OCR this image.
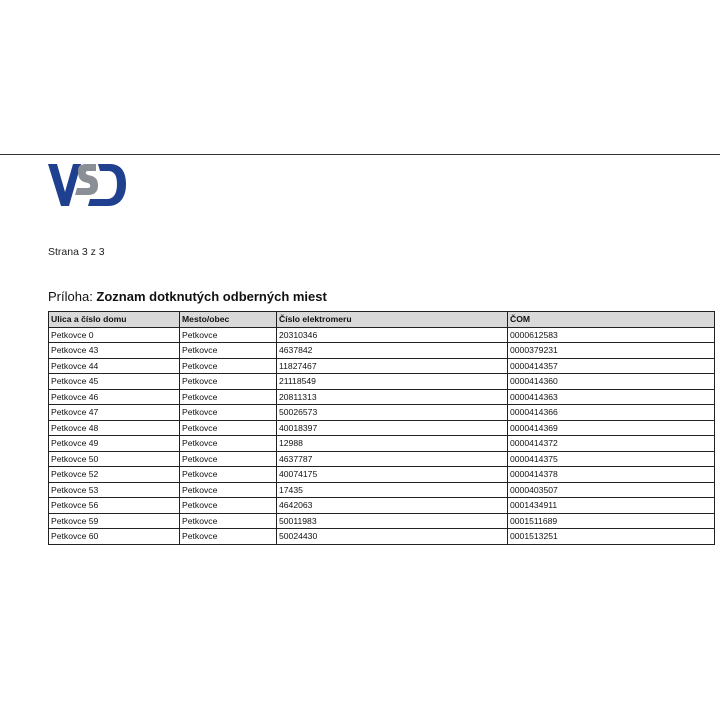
Strana 3 z 3
Príloha: Zoznam dotknutých odberných miest
Ulica a číslo domu	Mesto/obec	Číslo elektromeru	ČOM
Petkovce 0	Petkovce	20310346	0000612583
Petkovce 43	Petkovce	4637842	0000379231
Petkovce 44	Petkovce	11827467	0000414357
Petkovce 45	Petkovce	21118549	0000414360
Petkovce 46	Petkovce	20811313	0000414363
Petkovce 47	Petkovce	50026573	0000414366
Petkovce 48	Petkovce	40018397	0000414369
Petkovce 49	Petkovce	12988	0000414372
Petkovce 50	Petkovce	4637787	0000414375
Petkovce 52	Petkovce	40074175	0000414378
Petkovce 53	Petkovce	17435	0000403507
Petkovce 56	Petkovce	4642063	0001434911
Petkovce 59	Petkovce	50011983	0001511689
Petkovce 60	Petkovce	50024430	0001513251
